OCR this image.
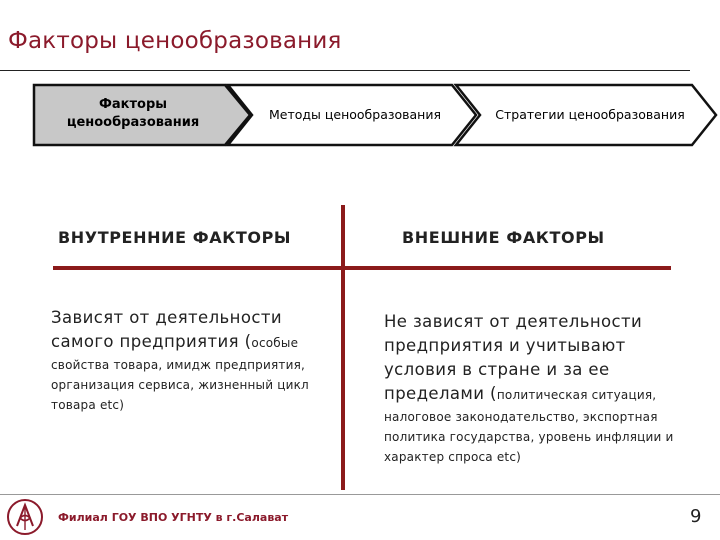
Факторы ценообразования
Факторы ценообразования
Методы ценообразования	Стратегии ценообразования
ВНУТРЕННИЕ ФАКТОРЫ	ВНЕШНИЕ ФАКТОРЫ
Зависят от деятельности самого предприятия (особые свойства товара, имидж предприятия, организация сервиса, жизненный цикл товара etc)
Не зависят от деятельности предприятия и учитывают условия в стране и за ее пределами (политическая ситуация, налоговое законодательство, экспортная политика государства, уровень инфляции и характер спроса etc)
Филиал ГОУ ВПО УГНТУ в г.Салават	9
